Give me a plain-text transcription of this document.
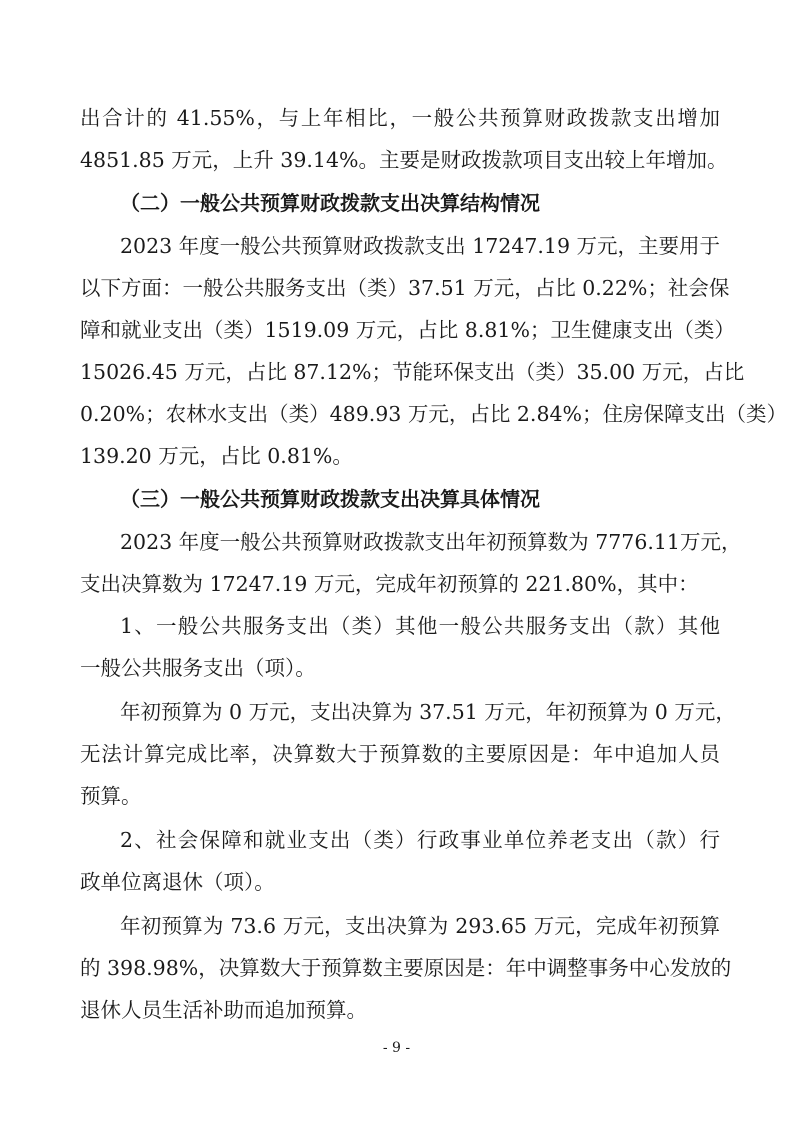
出合计的 41.55%，与上年相比，一般公共预算财政拨款支出增加
4851.85 万元，上升 39.14%。主要是财政拨款项目支出较上年增加。
（二）一般公共预算财政拨款支出决算结构情况
2023 年度一般公共预算财政拨款支出 17247.19 万元，主要用于
以下方面：一般公共服务支出（类）37.51 万元，占比 0.22%；社会保
障和就业支出（类）1519.09 万元，占比 8.81%；卫生健康支出（类）
15026.45 万元，占比 87.12%；节能环保支出（类）35.00 万元，占比
0.20%；农林水支出（类）489.93 万元，占比 2.84%；住房保障支出（类）
139.20 万元，占比 0.81%。
（三）一般公共预算财政拨款支出决算具体情况
2023 年度一般公共预算财政拨款支出年初预算数为 7776.11万元，
支出决算数为 17247.19 万元，完成年初预算的 221.80%，其中：
1、一般公共服务支出（类）其他一般公共服务支出（款）其他
一般公共服务支出（项）。
年初预算为 0 万元，支出决算为 37.51 万元，年初预算为 0 万元，
无法计算完成比率，决算数大于预算数的主要原因是：年中追加人员
预算。
2、社会保障和就业支出（类）行政事业单位养老支出（款）行
政单位离退休（项）。
年初预算为 73.6 万元，支出决算为 293.65 万元，完成年初预算
的 398.98%，决算数大于预算数主要原因是：年中调整事务中心发放的
退休人员生活补助而追加预算。
- 9 -
